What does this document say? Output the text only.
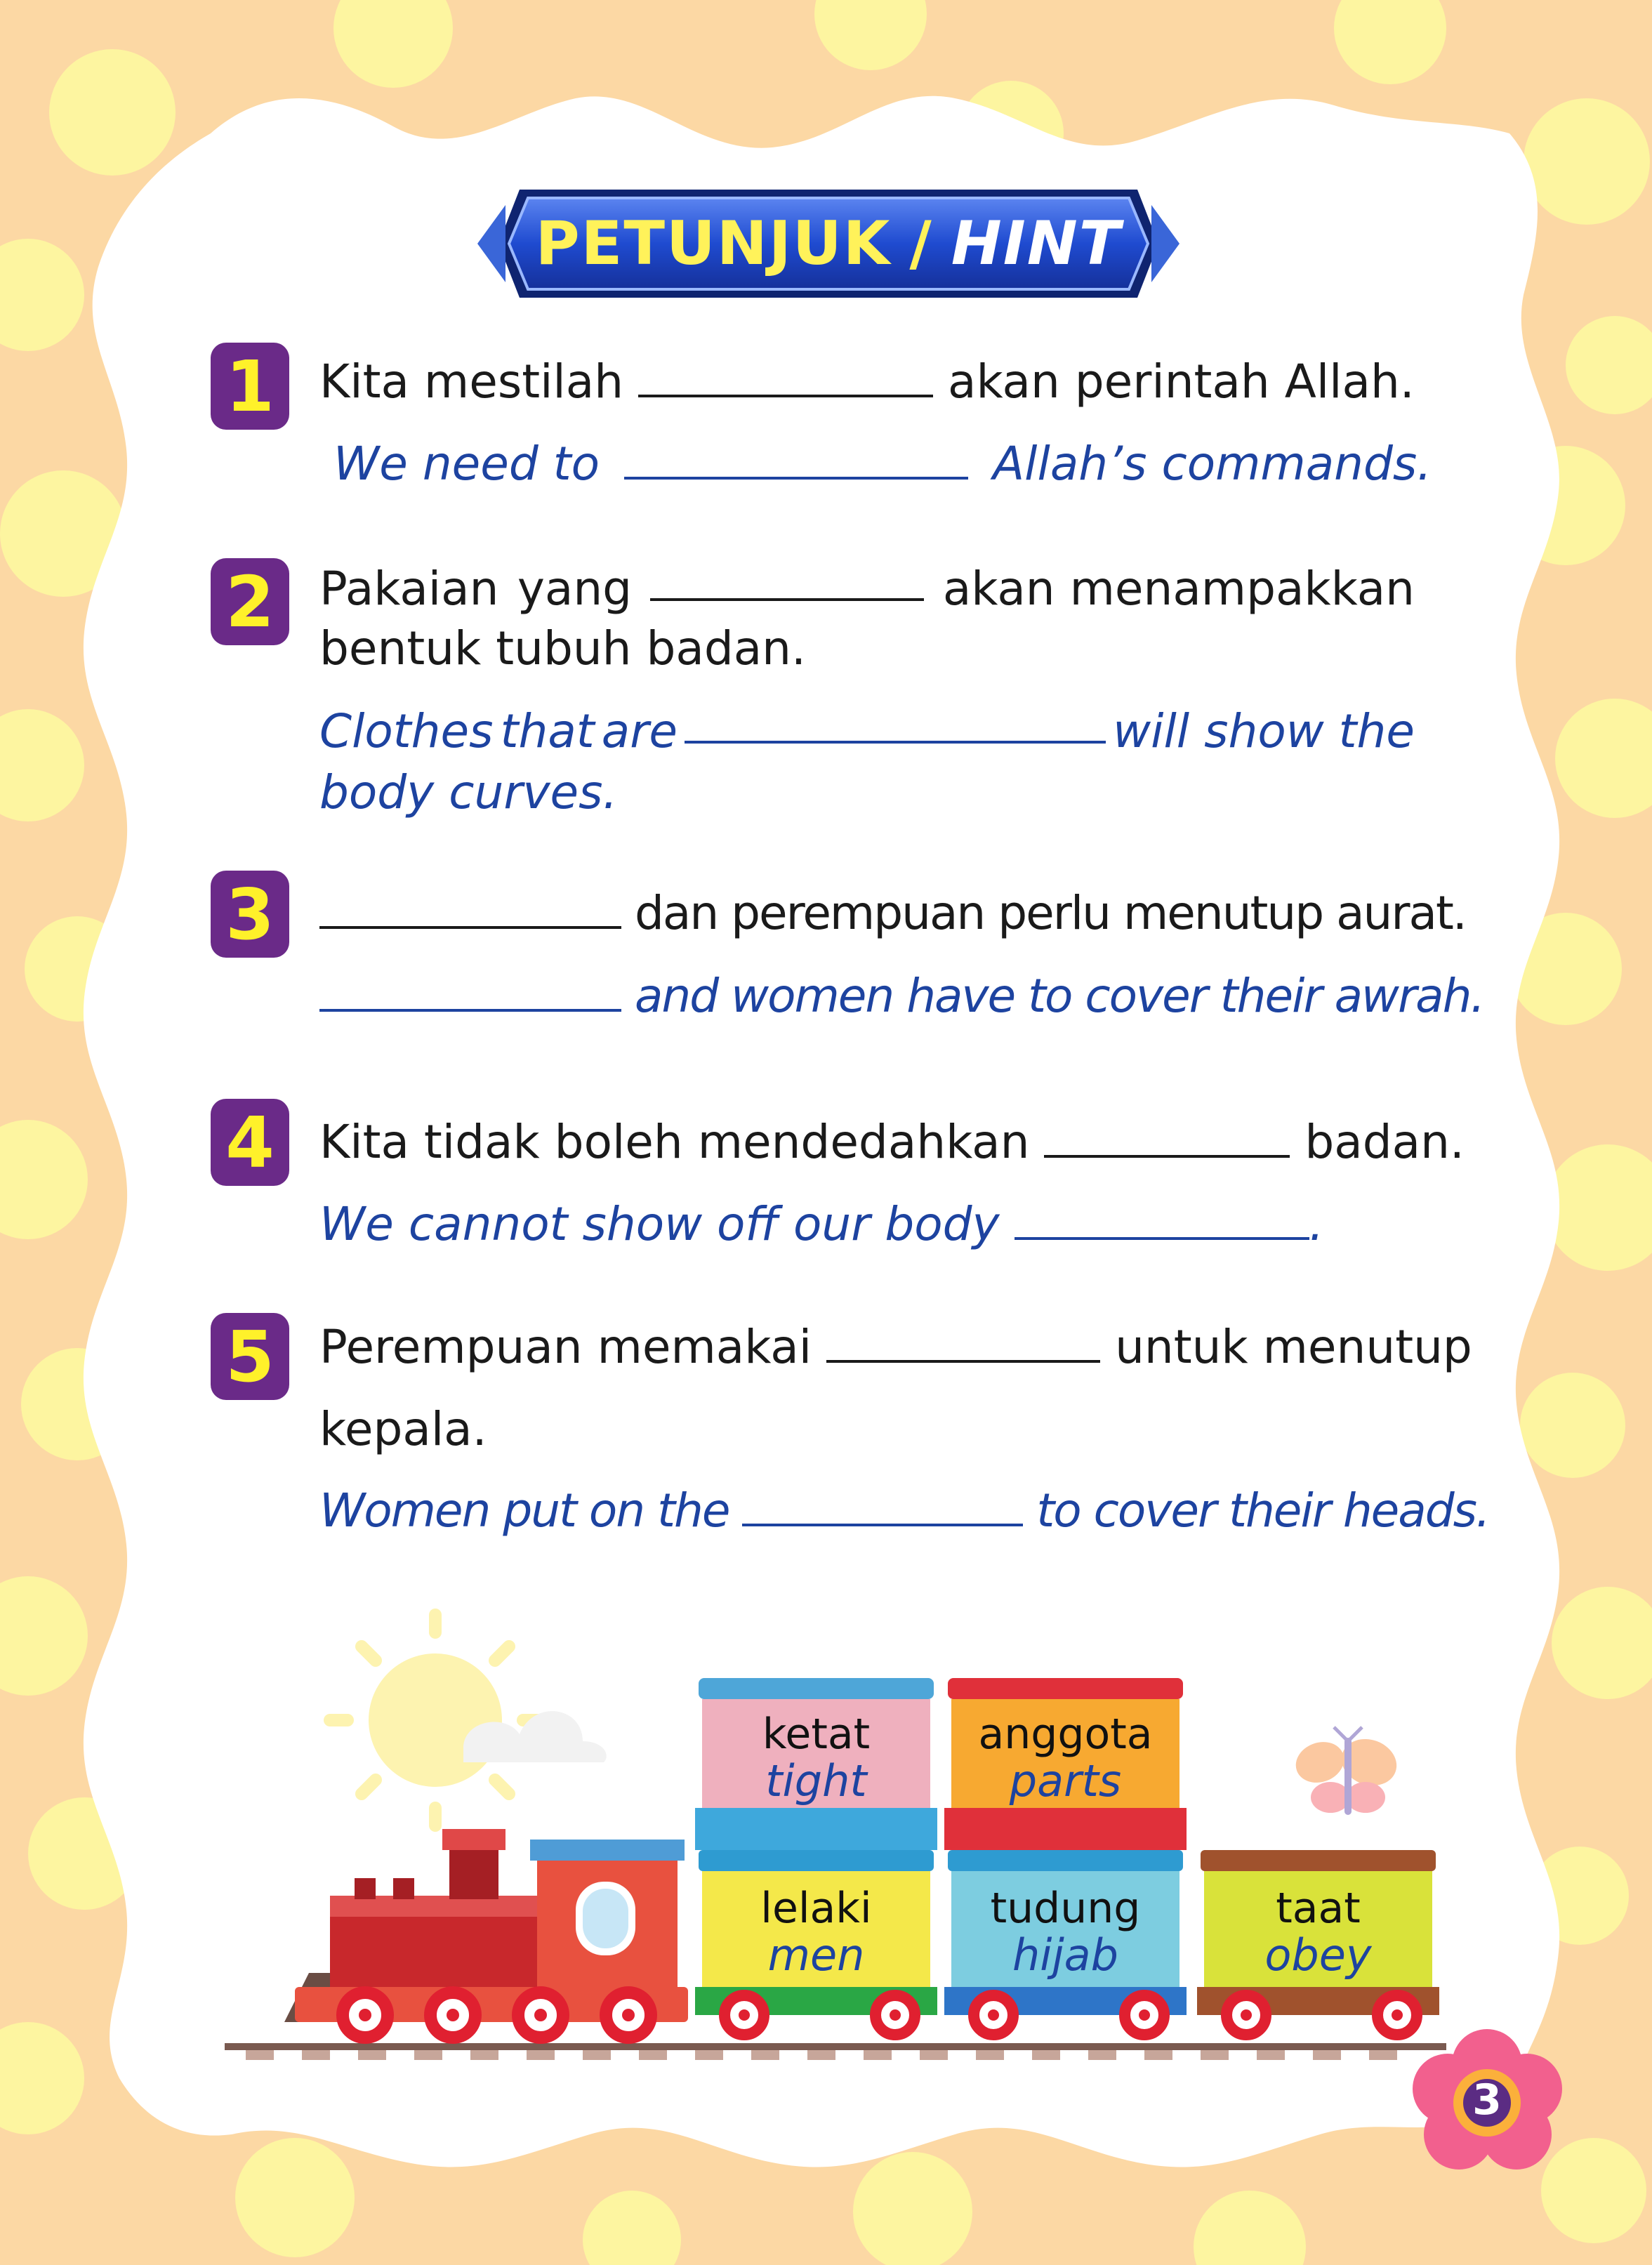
PETUNJUK / HINT
1 Kita mestilah	akan perintah Allah.
We need to	Allah’s commands.
2 Pakaian yang	akan menampakkan
bentuk tubuh badan.
Clothes that are	will show the
body curves.
3	dan perempuan perlu menutup aurat.
and women have to cover their awrah.
4 Kita tidak boleh mendedahkan	badan.
We cannot show off our body	.
5 Perempuan memakai	untuk menutup
kepala.
Women put on the	to cover their heads.
ketat
tight
anggota
parts
lelaki
men
tudung
hijab
taat
obey
3
